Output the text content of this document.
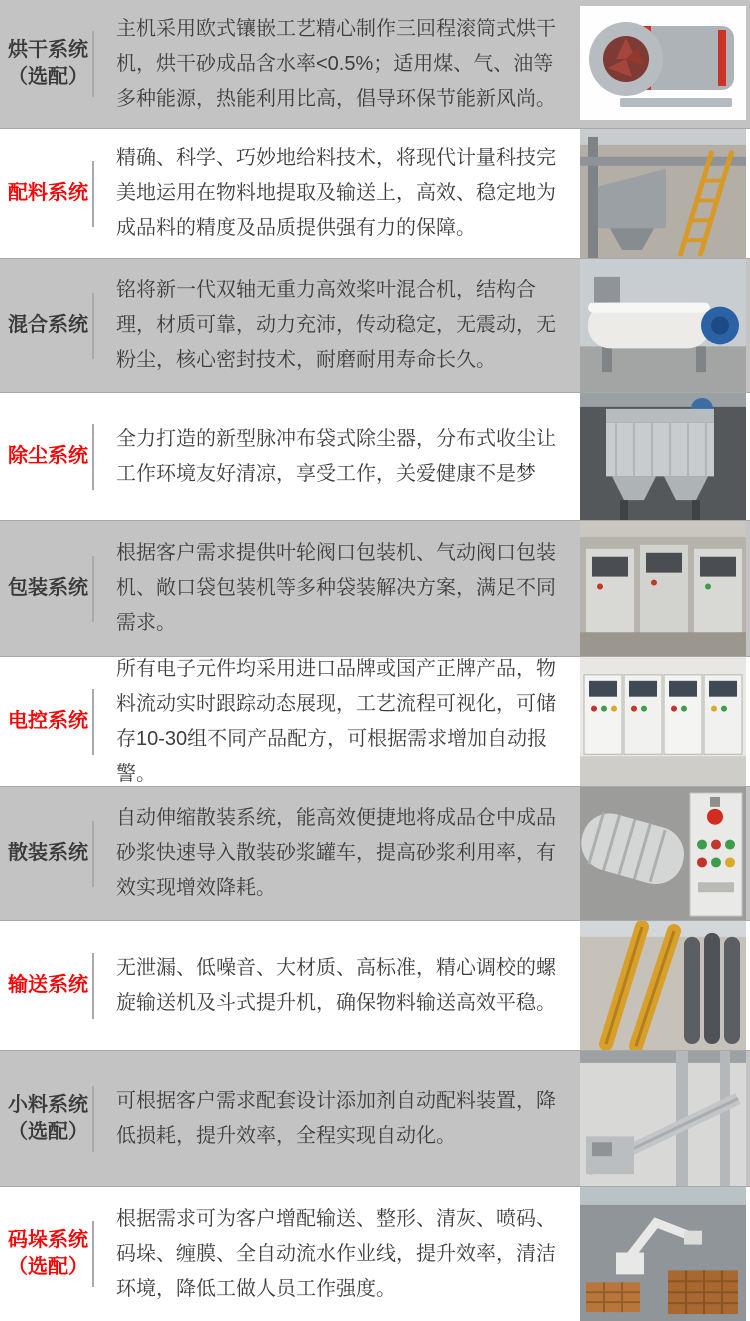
烘干系统（选配）
主机采用欧式镶嵌工艺精心制作三回程滚筒式烘干机，烘干砂成品含水率<0.5%；适用煤、气、油等多种能源，热能利用比高，倡导环保节能新风尚。
配料系统
精确、科学、巧妙地给料技术，将现代计量科技完美地运用在物料地提取及输送上，高效、稳定地为成品料的精度及品质提供强有力的保障。
混合系统
铭将新一代双轴无重力高效桨叶混合机，结构合理，材质可靠，动力充沛，传动稳定，无震动，无粉尘，核心密封技术，耐磨耐用寿命长久。
除尘系统
全力打造的新型脉冲布袋式除尘器，分布式收尘让工作环境友好清凉，享受工作，关爱健康不是梦
包装系统
根据客户需求提供叶轮阀口包装机、气动阀口包装机、敞口袋包装机等多种袋装解决方案，满足不同需求。
电控系统
所有电子元件均采用进口品牌或国产正牌产品，物料流动实时跟踪动态展现，工艺流程可视化，可储存10-30组不同产品配方，可根据需求增加自动报警。
散装系统
自动伸缩散装系统，能高效便捷地将成品仓中成品砂浆快速导入散装砂浆罐车，提高砂浆利用率，有效实现增效降耗。
输送系统
无泄漏、低噪音、大材质、高标准，精心调校的螺旋输送机及斗式提升机，确保物料输送高效平稳。
小料系统（选配）
可根据客户需求配套设计添加剂自动配料装置，降低损耗，提升效率，全程实现自动化。
码垛系统（选配）
根据需求可为客户增配输送、整形、清灰、喷码、码垛、缠膜、全自动流水作业线，提升效率，清洁环境，降低工做人员工作强度。
